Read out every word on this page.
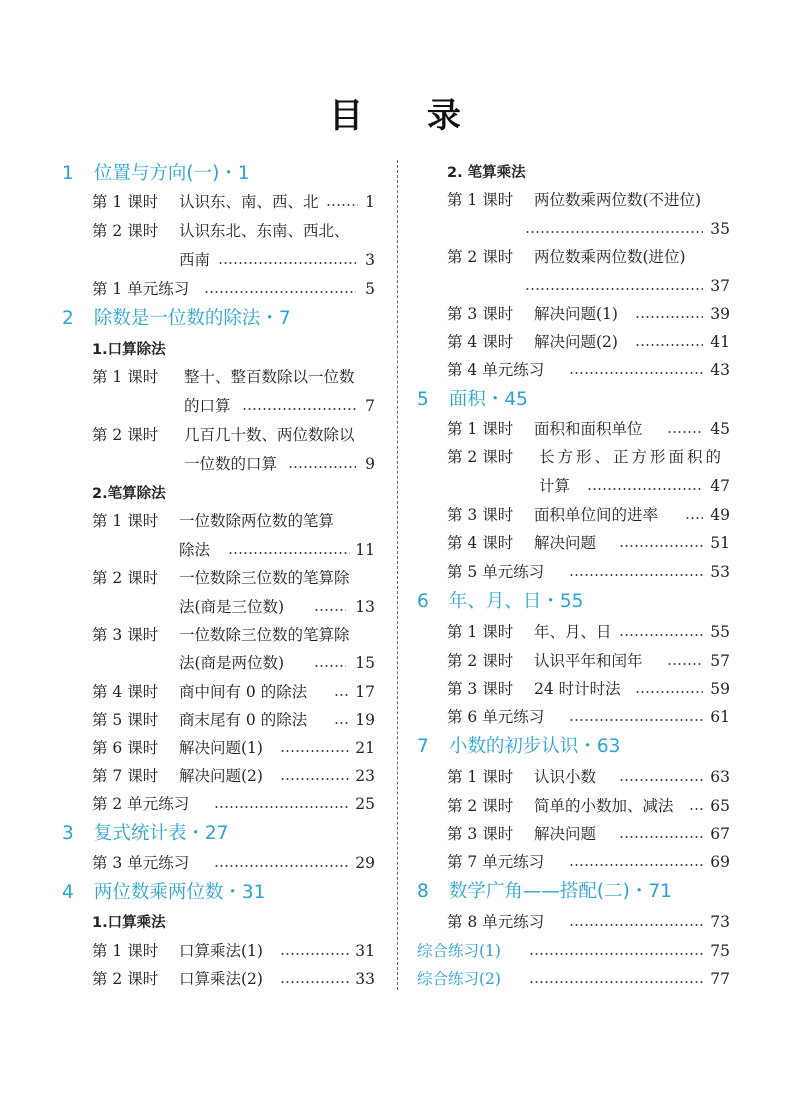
目 录
1 位置与方向(一)・1
第 1 课时 认识东、南、西、北	1
第 2 课时 认识东北、东南、西北、
西南	3
第 1 单元练习	5
2 除数是一位数的除法・7
1.口算除法
第 1 课时 整十、整百数除以一位数
的口算	7
第 2 课时 几百几十数、两位数除以
一位数的口算	9
2.笔算除法
第 1 课时 一位数除两位数的笔算
除法	11
第 2 课时 一位数除三位数的笔算除
法(商是三位数)	13
第 3 课时 一位数除三位数的笔算除
法(商是两位数)	15
第 4 课时 商中间有 0 的除法	17
第 5 课时 商末尾有 0 的除法	19
第 6 课时 解决问题(1)	21
第 7 课时 解决问题(2)	23
第 2 单元练习	25
3 复式统计表・27
第 3 单元练习	29
4 两位数乘两位数・31
1.口算乘法
第 1 课时 口算乘法(1)	31
第 2 课时 口算乘法(2)	33
2. 笔算乘法
第 1 课时 两位数乘两位数(不进位)
35
第 2 课时 两位数乘两位数(进位)
37
第 3 课时 解决问题(1)	39
第 4 课时 解决问题(2)	41
第 4 单元练习	43
5 面积・45
第 1 课时 面积和面积单位	45
第 2 课时 长方形、正方形面积的
计算	47
第 3 课时 面积单位间的进率	49
第 4 课时 解决问题	51
第 5 单元练习	53
6 年、月、日・55
第 1 课时 年、月、日	55
第 2 课时 认识平年和闰年	57
第 3 课时 24 时计时法	59
第 6 单元练习	61
7 小数的初步认识・63
第 1 课时 认识小数	63
第 2 课时 简单的小数加、减法 65
第 3 课时 解决问题	67
第 7 单元练习	69
8 数学广角——搭配(二)・71
第 8 单元练习	73
综合练习(1)	75
综合练习(2)	77
